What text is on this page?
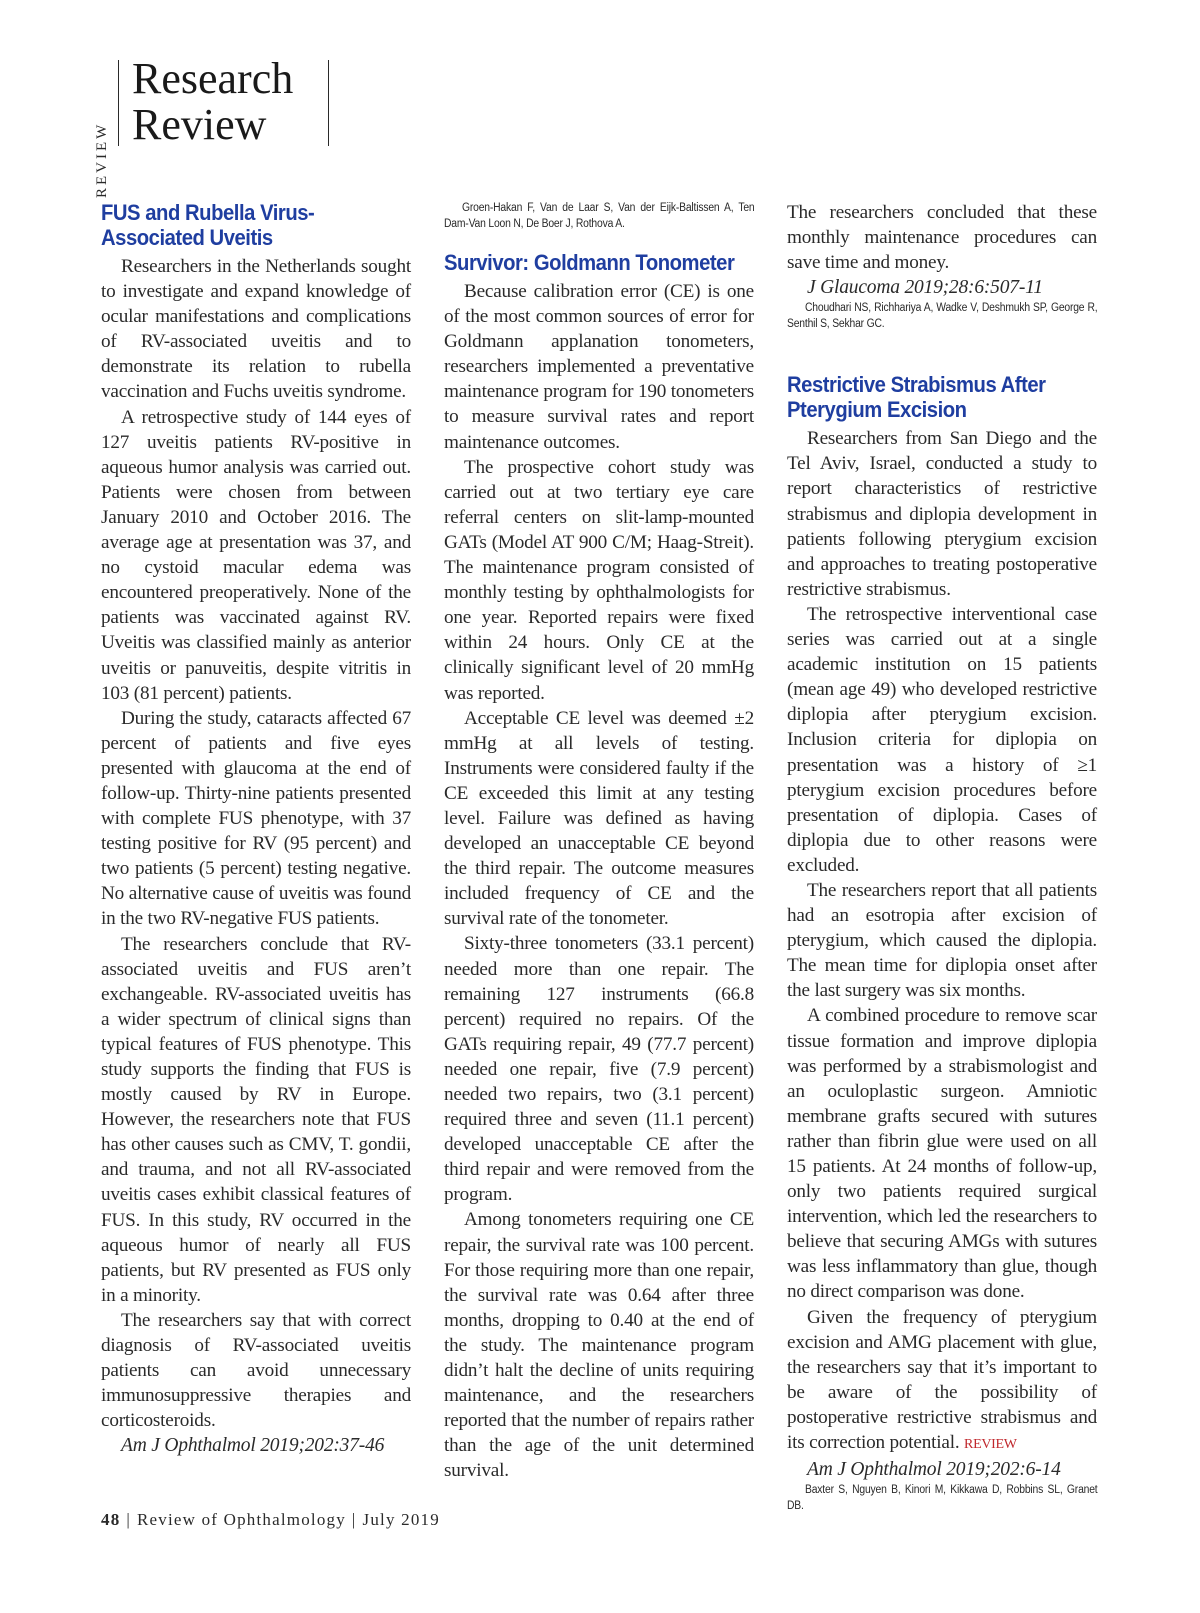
REVIEW
Research
Review
FUS and Rubella Virus-Associated Uveitis

Researchers in the Netherlands sought to investigate and expand knowledge of ocular manifestations and complications of RV-associated uveitis and to demonstrate its relation to rubella vaccination and Fuchs uveitis syndrome.

A retrospective study of 144 eyes of 127 uveitis patients RV-positive in aqueous humor analysis was carried out. Patients were chosen from between January 2010 and October 2016. The average age at presentation was 37, and no cystoid macular edema was encountered preoperatively. None of the patients was vaccinated against RV. Uveitis was classified mainly as anterior uveitis or panuveitis, despite vitritis in 103 (81 percent) patients.

During the study, cataracts affected 67 percent of patients and five eyes presented with glaucoma at the end of follow-up. Thirty-nine patients presented with complete FUS phenotype, with 37 testing positive for RV (95 percent) and two patients (5 percent) testing negative. No alternative cause of uveitis was found in the two RV-negative FUS patients.

The researchers conclude that RV-associated uveitis and FUS aren’t exchangeable. RV-associated uveitis has a wider spectrum of clinical signs than typical features of FUS phenotype. This study supports the finding that FUS is mostly caused by RV in Europe. However, the researchers note that FUS has other causes such as CMV, T. gondii, and trauma, and not all RV-associated uveitis cases exhibit classical features of FUS. In this study, RV occurred in the aqueous humor of nearly all FUS patients, but RV presented as FUS only in a minority.

The researchers say that with correct diagnosis of RV-associated uveitis patients can avoid unnecessary immunosuppressive therapies and corticosteroids.

Am J Ophthalmol 2019;202:37-46

Groen-Hakan F, Van de Laar S, Van der Eijk-Baltissen A, Ten Dam-Van Loon N, De Boer J, Rothova A.

Survivor: Goldmann Tonometer

Because calibration error (CE) is one of the most common sources of error for Goldmann applanation tonometers, researchers implemented a preventative maintenance program for 190 tonometers to measure survival rates and report maintenance outcomes.

The prospective cohort study was carried out at two tertiary eye care referral centers on slit-lamp-mounted GATs (Model AT 900 C/M; Haag-Streit). The maintenance program consisted of monthly testing by ophthalmologists for one year. Reported repairs were fixed within 24 hours. Only CE at the clinically significant level of 20 mmHg was reported.

Acceptable CE level was deemed ±2 mmHg at all levels of testing. Instruments were considered faulty if the CE exceeded this limit at any testing level. Failure was defined as having developed an unacceptable CE beyond the third repair. The outcome measures included frequency of CE and the survival rate of the tonometer.

Sixty-three tonometers (33.1 percent) needed more than one repair. The remaining 127 instruments (66.8 percent) required no repairs. Of the GATs requiring repair, 49 (77.7 percent) needed one repair, five (7.9 percent) needed two repairs, two (3.1 percent) required three and seven (11.1 percent) developed unacceptable CE after the third repair and were removed from the program.

Among tonometers requiring one CE repair, the survival rate was 100 percent. For those requiring more than one repair, the survival rate was 0.64 after three months, dropping to 0.40 at the end of the study. The maintenance program didn’t halt the decline of units requiring maintenance, and the researchers reported that the number of repairs rather than the age of the unit determined survival.

The researchers concluded that these monthly maintenance procedures can save time and money.

J Glaucoma 2019;28:6:507-11

Choudhari NS, Richhariya A, Wadke V, Deshmukh SP, George R, Senthil S, Sekhar GC.

Restrictive Strabismus After Pterygium Excision

Researchers from San Diego and the Tel Aviv, Israel, conducted a study to report characteristics of restrictive strabismus and diplopia development in patients following pterygium excision and approaches to treating postoperative restrictive strabismus.

The retrospective interventional case series was carried out at a single academic institution on 15 patients (mean age 49) who developed restrictive diplopia after pterygium excision. Inclusion criteria for diplopia on presentation was a history of ≥1 pterygium excision procedures before presentation of diplopia. Cases of diplopia due to other reasons were excluded.

The researchers report that all patients had an esotropia after excision of pterygium, which caused the diplopia. The mean time for diplopia onset after the last surgery was six months.

A combined procedure to remove scar tissue formation and improve diplopia was performed by a strabismologist and an oculoplastic surgeon. Amniotic membrane grafts secured with sutures rather than fibrin glue were used on all 15 patients. At 24 months of follow-up, only two patients required surgical intervention, which led the researchers to believe that securing AMGs with sutures was less inflammatory than glue, though no direct comparison was done.

Given the frequency of pterygium excision and AMG placement with glue, the researchers say that it’s important to be aware of the possibility of postoperative restrictive strabismus and its correction potential. REVIEW

Am J Ophthalmol 2019;202:6-14

Baxter S, Nguyen B, Kinori M, Kikkawa D, Robbins SL, Granet DB.

48 | Review of Ophthalmology | July 2019
